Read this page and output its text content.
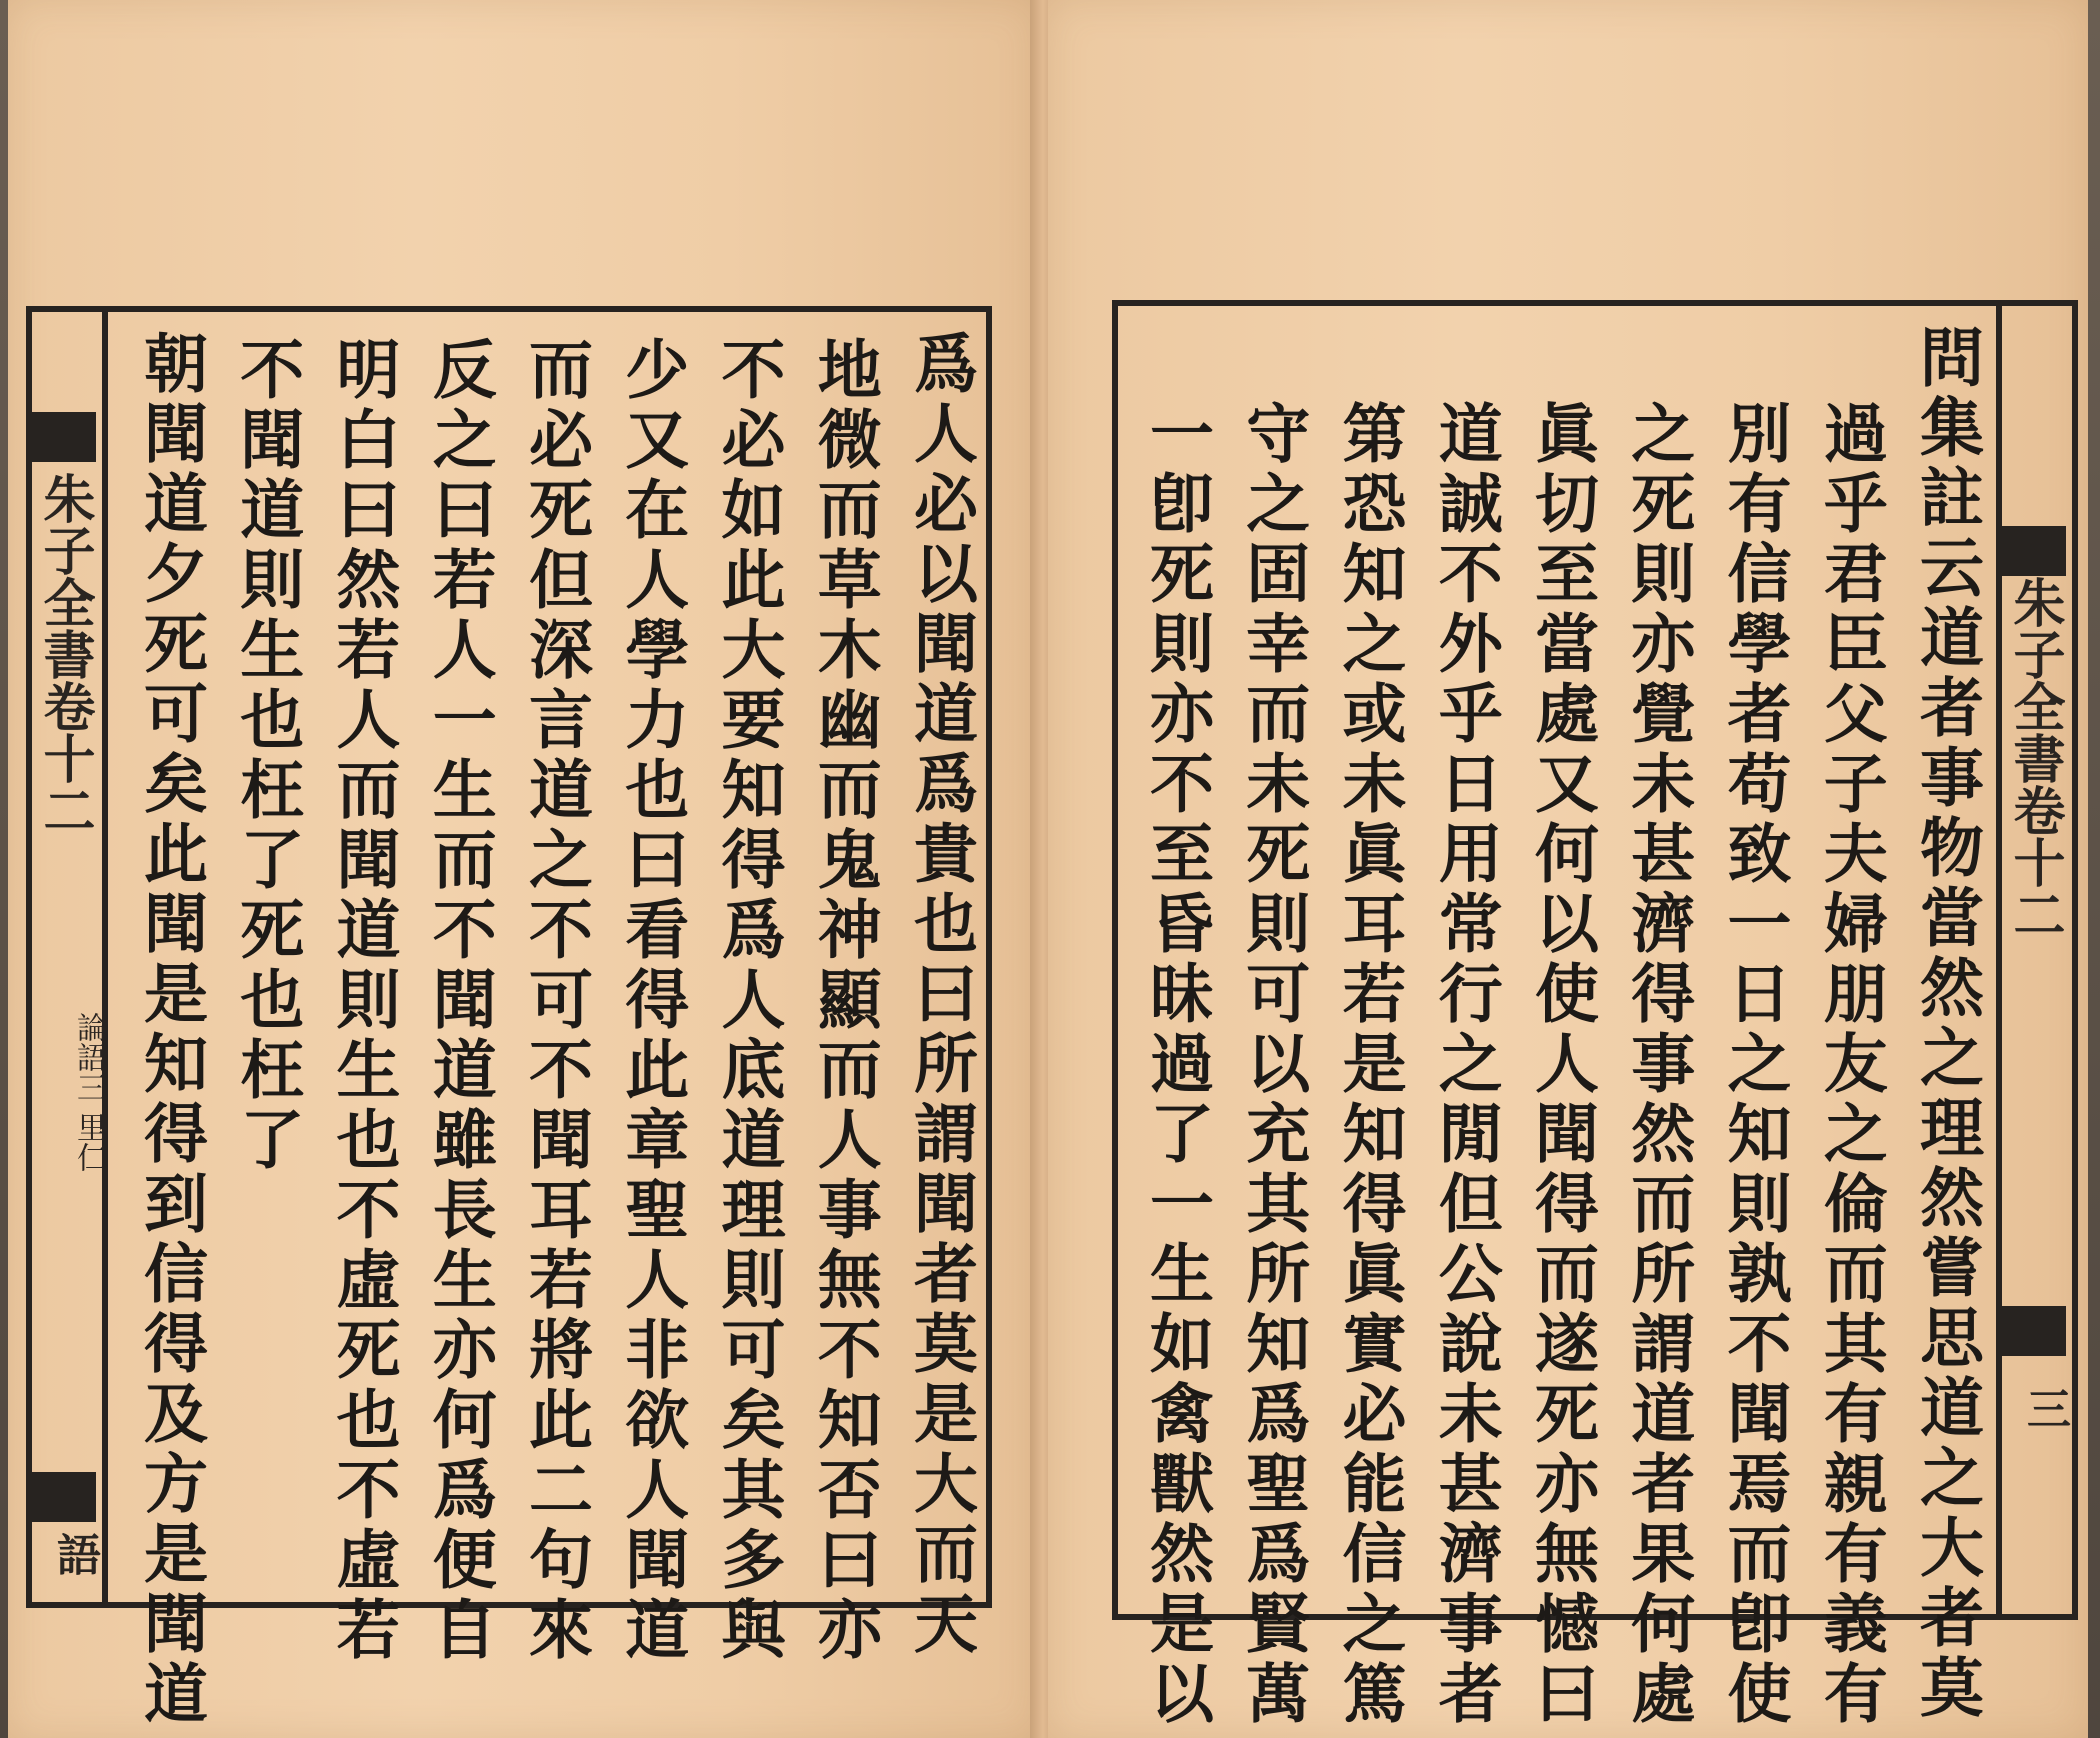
朱子全書卷十二
論語三
里仁
語	爲人必以聞道爲貴也曰所謂聞者莫是大而天
地微而草木幽而鬼神顯而人事無不知否曰亦
不必如此大要知得爲人底道理則可矣其多與
少又在人學力也曰看得此章聖人非欲人聞道
而必死但深言道之不可不聞耳若將此二句來
反之曰若人一生而不聞道雖長生亦何爲便自
明白曰然若人而聞道則生也不虛死也不虛若
不聞道則生也枉了死也枉了
朝聞道夕死可矣此聞是知得到信得及方是聞道	問集註云道者事物當然之理然嘗思道之大者莫
過乎君臣父子夫婦朋友之倫而其有親有義有
別有信學者苟致一日之知則孰不聞焉而卽使
之死則亦覺未甚濟得事然而所謂道者果何處
眞切至當處又何以使人聞得而遂死亦無憾曰
道誠不外乎日用常行之閒但公說未甚濟事者
第恐知之或未眞耳若是知得眞實必能信之篤
守之固幸而未死則可以充其所知爲聖爲賢萬
一卽死則亦不至昏昧過了一生如禽獸然是以	朱子全書卷十二
三
